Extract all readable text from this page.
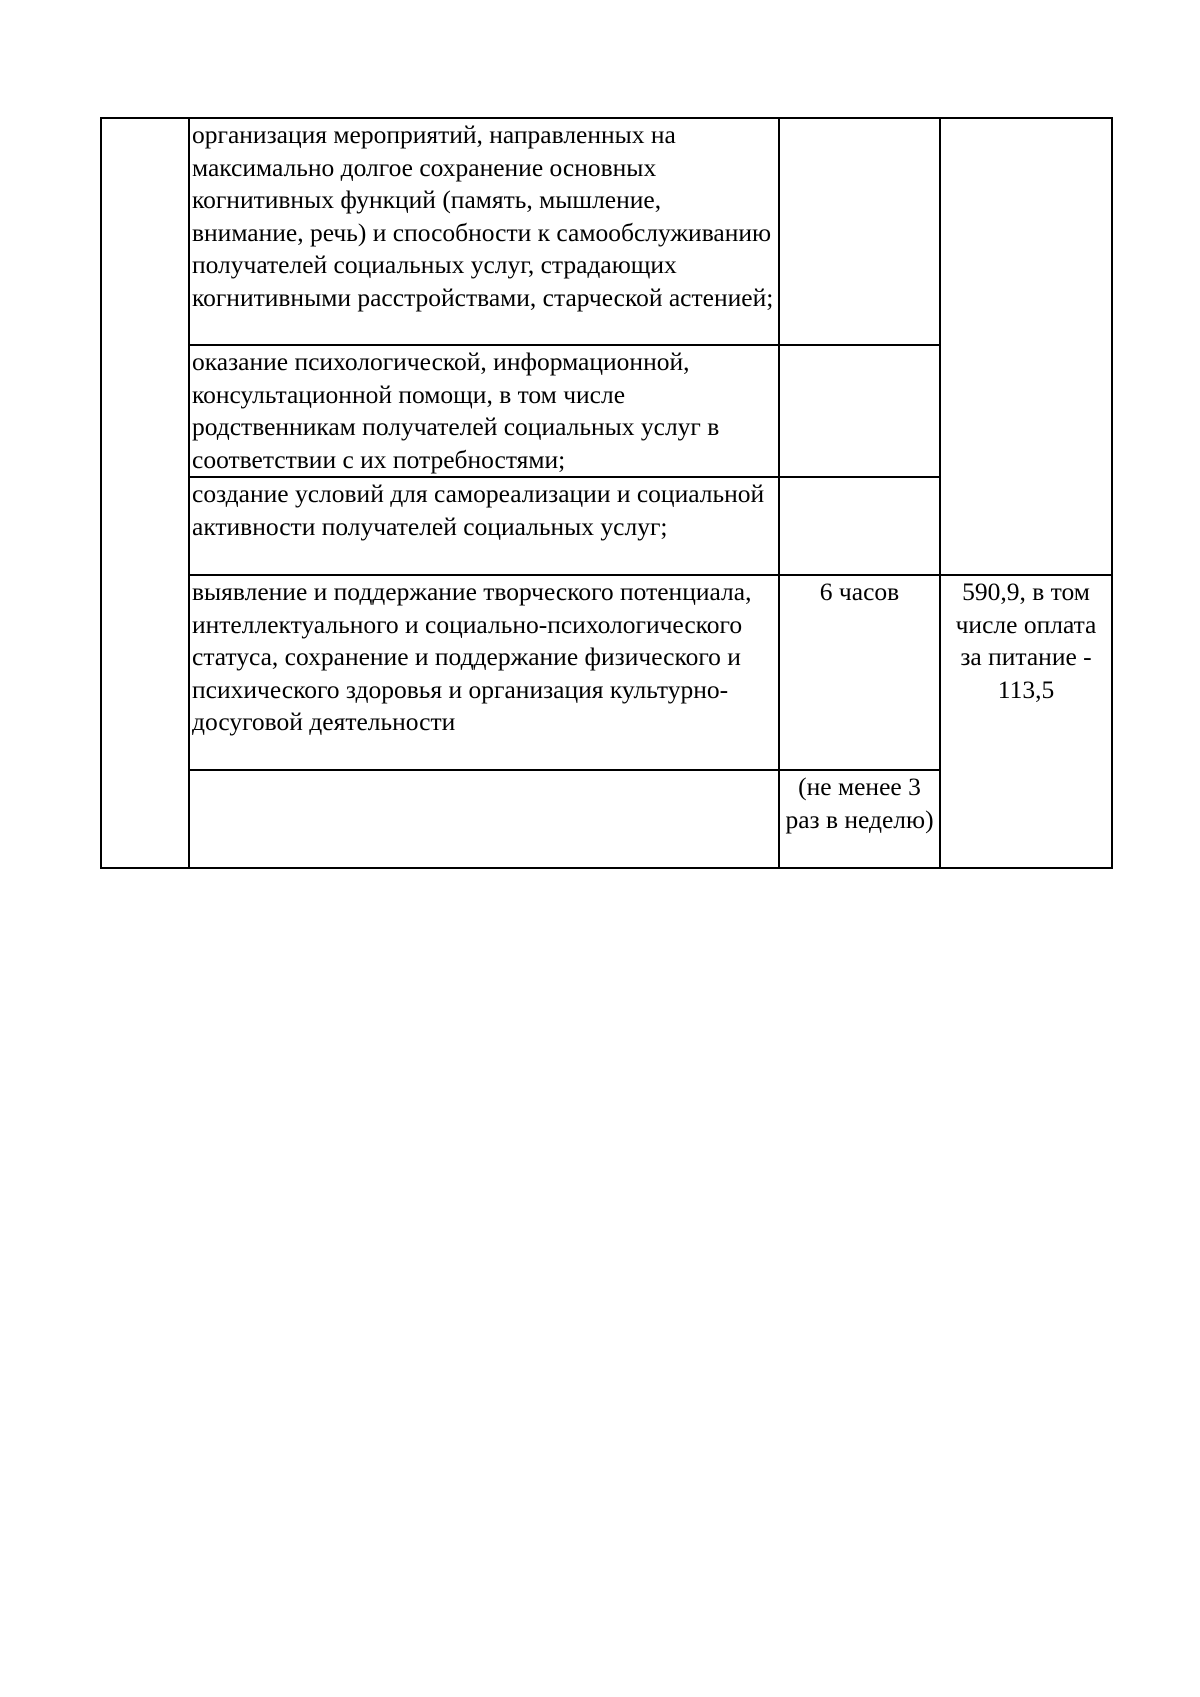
	организация мероприятий, направленных на максимально долгое сохранение основных когнитивных функций (память, мышление, внимание, речь) и способности к самообслуживанию получателей социальных услуг, страдающих когнитивными расстройствами, старческой астенией;		

	оказание психологической, информационной, консультационной помощи, в том числе родственникам получателей социальных услуг в соответствии с их потребностями;		

	создание условий для самореализации и социальной активности получателей социальных услуг;		

	выявление и поддержание творческого потенциала, интеллектуального и социально-психологического статуса, сохранение и поддержание физического и психического здоровья и организация культурно-досуговой деятельности	6 часов	590,9, в том числе оплата за питание - 113,5

		(не менее 3 раз в неделю)	
